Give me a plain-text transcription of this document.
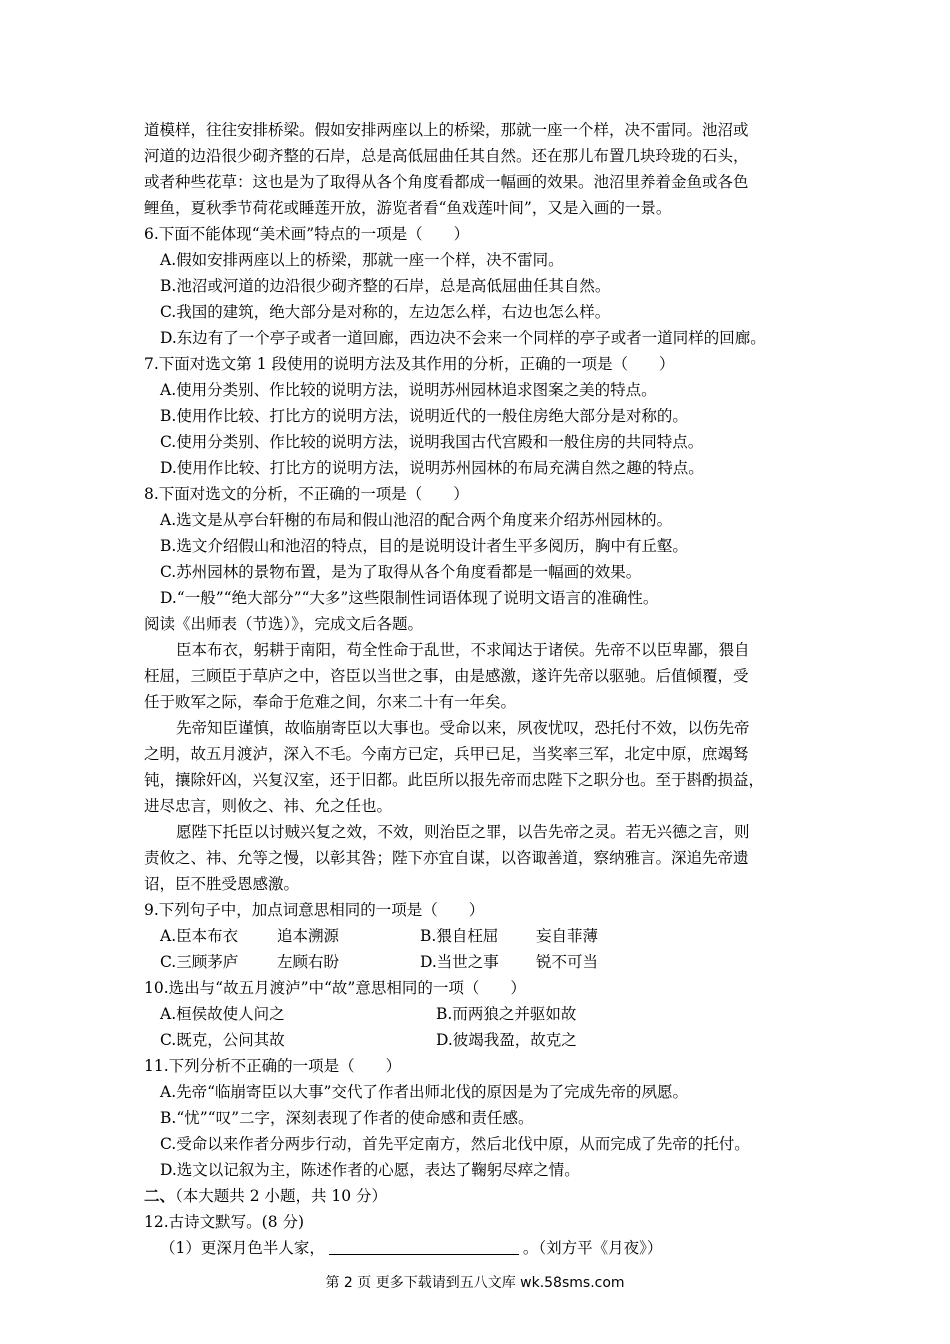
道模样，往往安排桥梁。假如安排两座以上的桥梁，那就一座一个样，决不雷同。池沼或
河道的边沿很少砌齐整的石岸，总是高低屈曲任其自然。还在那儿布置几块玲珑的石头，
或者种些花草：这也是为了取得从各个角度看都成一幅画的效果。池沼里养着金鱼或各色
鲤鱼，夏秋季节荷花或睡莲开放，游览者看“鱼戏莲叶间”，又是入画的一景。
6.下面不能体现“美术画”特点的一项是（　　）
A.假如安排两座以上的桥梁，那就一座一个样，决不雷同。
B.池沼或河道的边沿很少砌齐整的石岸，总是高低屈曲任其自然。
C.我国的建筑，绝大部分是对称的，左边怎么样，右边也怎么样。
D.东边有了一个亭子或者一道回廊，西边决不会来一个同样的亭子或者一道同样的回廊。
7.下面对选文第 1 段使用的说明方法及其作用的分析，正确的一项是（　　）
A.使用分类别、作比较的说明方法，说明苏州园林追求图案之美的特点。
B.使用作比较、打比方的说明方法，说明近代的一般住房绝大部分是对称的。
C.使用分类别、作比较的说明方法，说明我国古代宫殿和一般住房的共同特点。
D.使用作比较、打比方的说明方法，说明苏州园林的布局充满自然之趣的特点。
8.下面对选文的分析，不正确的一项是（　　）
A.选文是从亭台轩榭的布局和假山池沼的配合两个角度来介绍苏州园林的。
B.选文介绍假山和池沼的特点，目的是说明设计者生平多阅历，胸中有丘壑。
C.苏州园林的景物布置，是为了取得从各个角度看都是一幅画的效果。
D.“一般”“绝大部分”“大多”这些限制性词语体现了说明文语言的准确性。
阅读《出师表（节选）》，完成文后各题。
臣本布衣，躬耕于南阳，苟全性命于乱世，不求闻达于诸侯。先帝不以臣卑鄙，猥自
枉屈，三顾臣于草庐之中，咨臣以当世之事，由是感激，遂许先帝以驱驰。后值倾覆，受
任于败军之际，奉命于危难之间，尔来二十有一年矣。
先帝知臣谨慎，故临崩寄臣以大事也。受命以来，夙夜忧叹，恐托付不效，以伤先帝
之明，故五月渡泸，深入不毛。今南方已定，兵甲已足，当奖率三军，北定中原，庶竭驽
钝，攘除奸凶，兴复汉室，还于旧都。此臣所以报先帝而忠陛下之职分也。至于斟酌损益，
进尽忠言，则攸之、祎、允之任也。
愿陛下托臣以讨贼兴复之效，不效，则治臣之罪，以告先帝之灵。若无兴德之言，则
责攸之、祎、允等之慢，以彰其咎；陛下亦宜自谋，以咨诹善道，察纳雅言。深追先帝遗
诏，臣不胜受恩感激。
9.下列句子中，加点词意思相同的一项是（　　）
A.臣本布衣	追本溯源	B.猥自枉屈 妄自菲薄
C.三顾茅庐	左顾右盼	D.当世之事 锐不可当
10.选出与“故五月渡泸”中“故”意思相同的一项（　　）
A.桓侯故使人问之	B.而两狼之并驱如故
C.既克，公问其故	D.彼竭我盈，故克之
11.下列分析不正确的一项是（　　）
A.先帝“临崩寄臣以大事”交代了作者出师北伐的原因是为了完成先帝的夙愿。
B.“忧”“叹”二字，深刻表现了作者的使命感和责任感。
C.受命以来作者分两步行动，首先平定南方，然后北伐中原，从而完成了先帝的托付。
D.选文以记叙为主，陈述作者的心愿，表达了鞠躬尽瘁之情。
二、（本大题共 2 小题，共 10 分）
12.古诗文默写。(8 分)
（1）更深月色半人家，	。（刘方平《月夜》）
第 2 页 更多下载请到五八文库 wk.58sms.com
